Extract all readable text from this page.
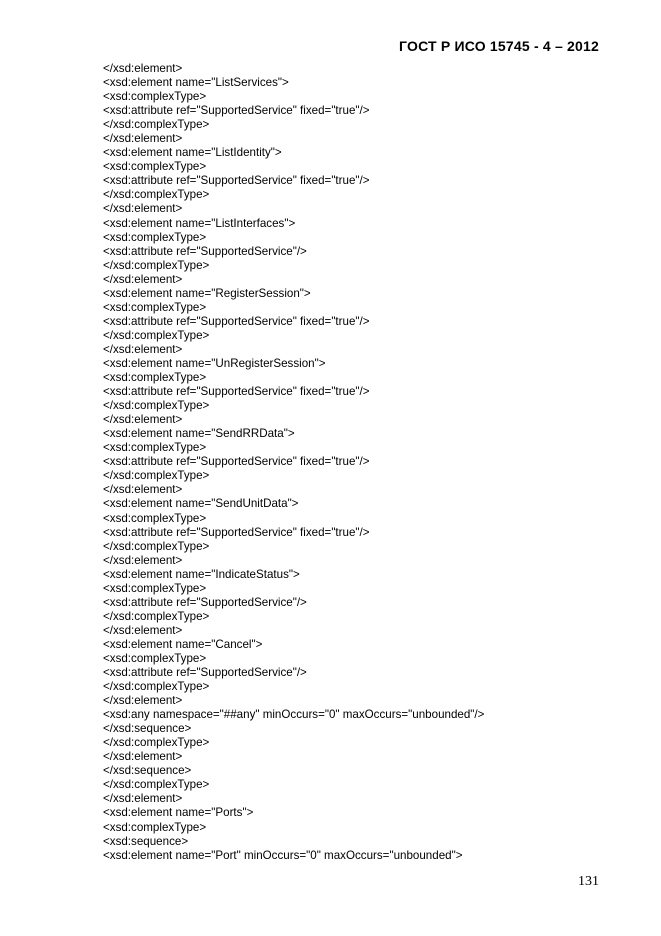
ГОСТ Р ИСО 15745 - 4 – 2012
</xsd:element>
<xsd:element name="ListServices">
<xsd:complexType>
<xsd:attribute ref="SupportedService" fixed="true"/>
</xsd:complexType>
</xsd:element>
<xsd:element name="ListIdentity">
<xsd:complexType>
<xsd:attribute ref="SupportedService" fixed="true"/>
</xsd:complexType>
</xsd:element>
<xsd:element name="ListInterfaces">
<xsd:complexType>
<xsd:attribute ref="SupportedService"/>
</xsd:complexType>
</xsd:element>
<xsd:element name="RegisterSession">
<xsd:complexType>
<xsd:attribute ref="SupportedService" fixed="true"/>
</xsd:complexType>
</xsd:element>
<xsd:element name="UnRegisterSession">
<xsd:complexType>
<xsd:attribute ref="SupportedService" fixed="true"/>
</xsd:complexType>
</xsd:element>
<xsd:element name="SendRRData">
<xsd:complexType>
<xsd:attribute ref="SupportedService" fixed="true"/>
</xsd:complexType>
</xsd:element>
<xsd:element name="SendUnitData">
<xsd:complexType>
<xsd:attribute ref="SupportedService" fixed="true"/>
</xsd:complexType>
</xsd:element>
<xsd:element name="IndicateStatus">
<xsd:complexType>
<xsd:attribute ref="SupportedService"/>
</xsd:complexType>
</xsd:element>
<xsd:element name="Cancel">
<xsd:complexType>
<xsd:attribute ref="SupportedService"/>
</xsd:complexType>
</xsd:element>
<xsd:any namespace="##any" minOccurs="0" maxOccurs="unbounded"/>
</xsd:sequence>
</xsd:complexType>
</xsd:element>
</xsd:sequence>
</xsd:complexType>
</xsd:element>
<xsd:element name="Ports">
<xsd:complexType>
<xsd:sequence>
<xsd:element name="Port" minOccurs="0" maxOccurs="unbounded">
131
